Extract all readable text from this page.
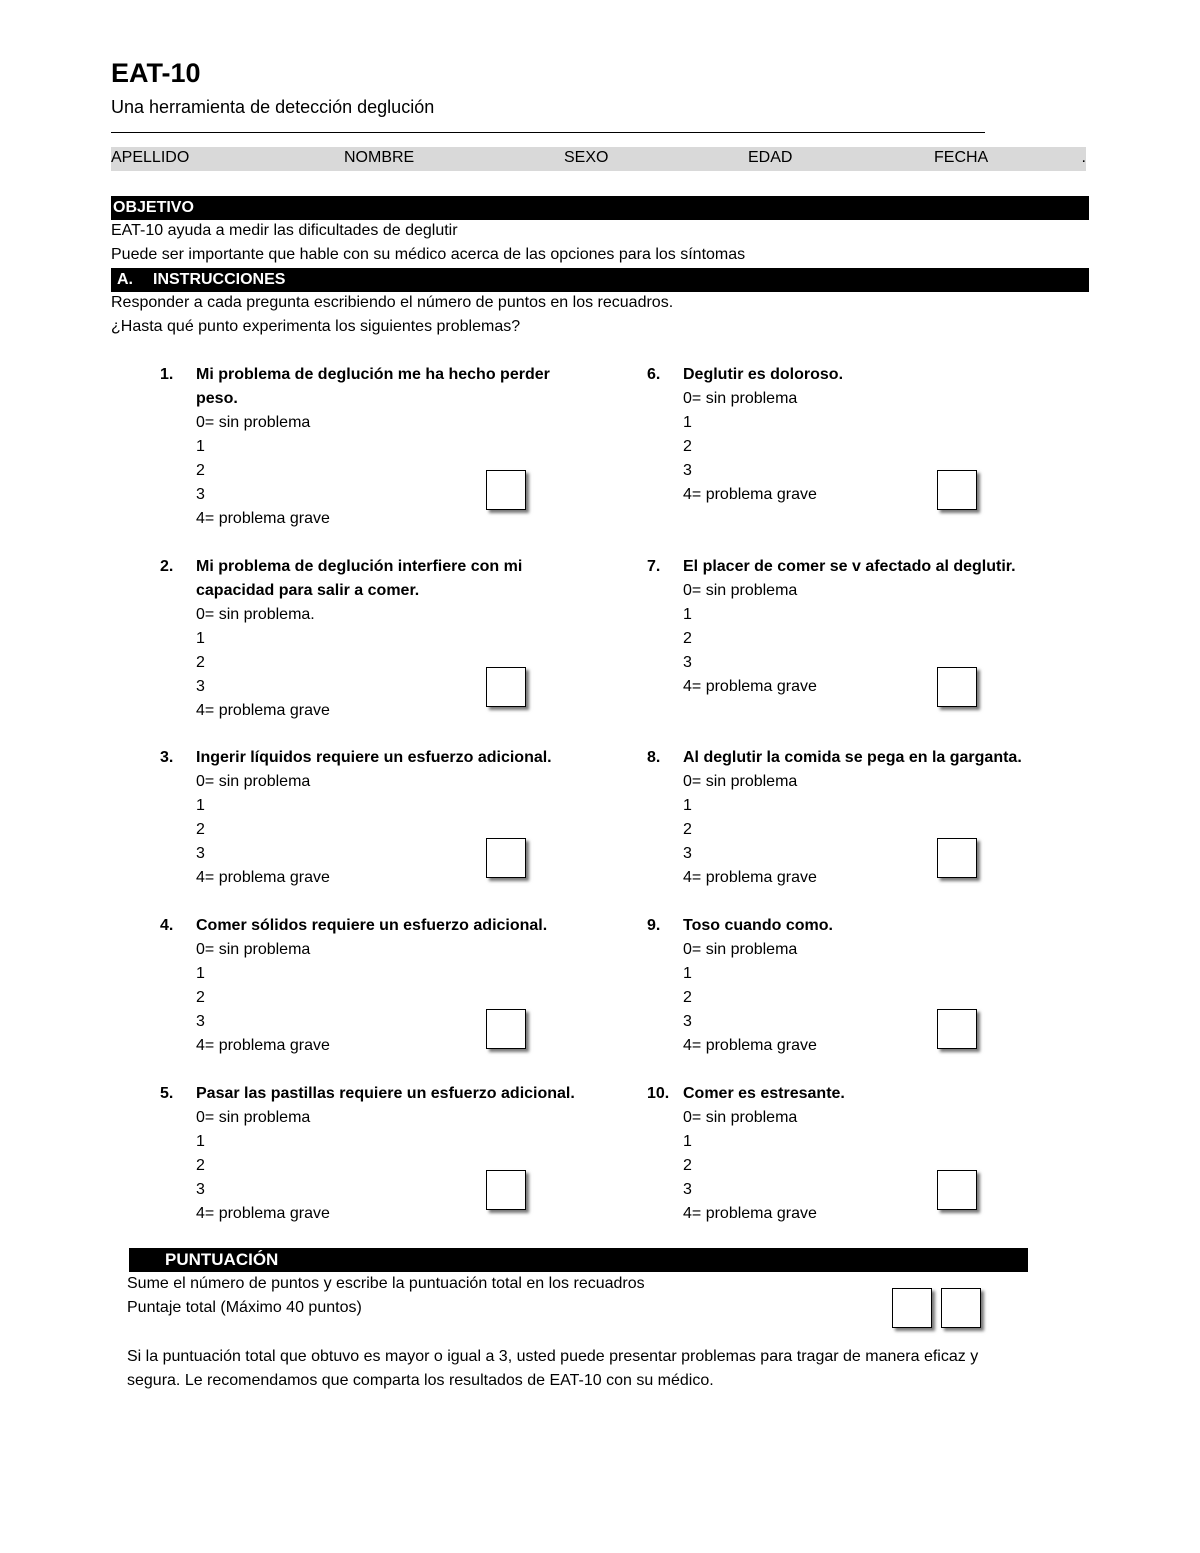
EAT-10
Una herramienta de detección deglución
APELLIDO	NOMBRE	SEXO	EDAD	FECHA	.
OBJETIVO
EAT-10 ayuda a medir las dificultades de deglutir
Puede ser importante que hable con su médico acerca de las opciones para los síntomas
A. INSTRUCCIONES
Responder a cada pregunta escribiendo el número de puntos en los recuadros.
¿Hasta qué punto experimenta los siguientes problemas?
1. Mi problema de deglución me ha hecho perder peso.
0= sin problema
1
2
3
4= problema grave
2. Mi problema de deglución interfiere con mi capacidad para salir a comer.
0= sin problema.
1
2
3
4= problema grave
3. Ingerir líquidos requiere un esfuerzo adicional.
0= sin problema
1
2
3
4= problema grave
4. Comer sólidos requiere un esfuerzo adicional.
0= sin problema
1
2
3
4= problema grave
5. Pasar las pastillas requiere un esfuerzo adicional.
0= sin problema
1
2
3
4= problema grave
6. Deglutir es doloroso.
0= sin problema
1
2
3
4= problema grave
7. El placer de comer se v afectado al deglutir.
0= sin problema
1
2
3
4= problema grave
8. Al deglutir la comida se pega en la garganta.
0= sin problema
1
2
3
4= problema grave
9. Toso cuando como.
0= sin problema
1
2
3
4= problema grave
10. Comer es estresante.
0= sin problema
1
2
3
4= problema grave
PUNTUACIÓN
Sume el número de puntos y escribe la puntuación total en los recuadros
Puntaje total (Máximo 40 puntos)
Si la puntuación total que obtuvo es mayor o igual a 3, usted puede presentar problemas para tragar de manera eficaz y
segura. Le recomendamos que comparta los resultados de EAT-10 con su médico.
